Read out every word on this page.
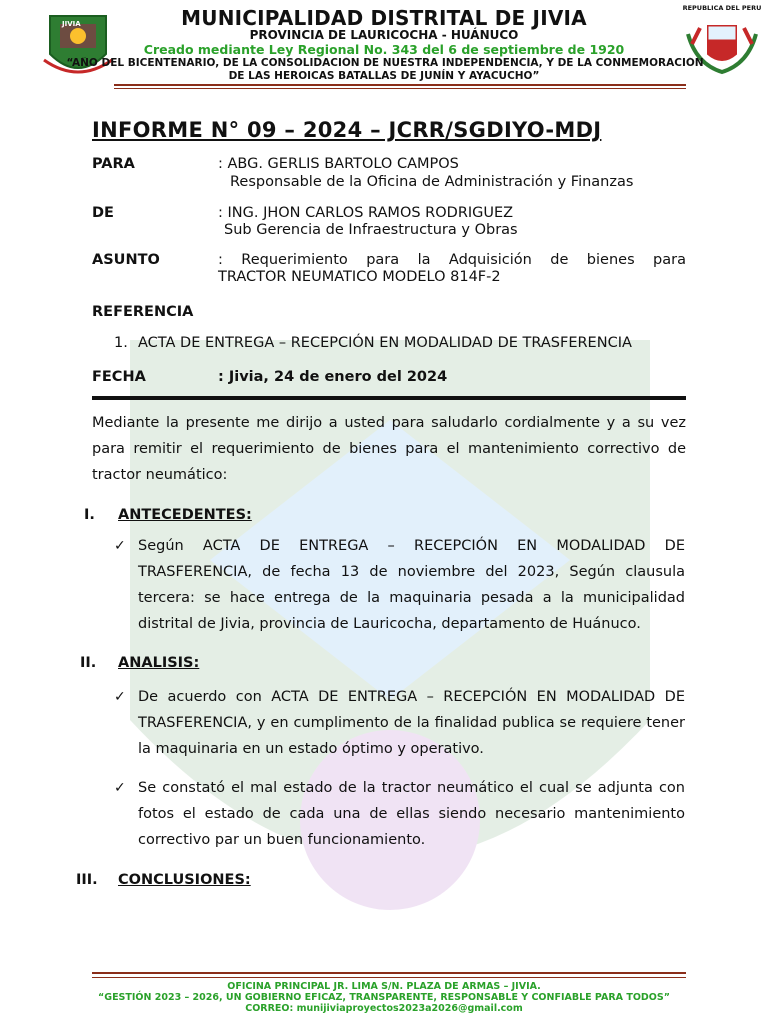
JIVIA
REPUBLICA DEL PERU
MUNICIPALIDAD DISTRITAL DE JIVIA
PROVINCIA DE LAURICOCHA - HUÁNUCO
Creado mediante Ley Regional No. 343 del 6 de septiembre de 1920
“AÑO DEL BICENTENARIO, DE LA CONSOLIDACIÓN DE NUESTRA INDEPENDENCIA, Y DE LA CONMEMORACIÓN
DE LAS HEROICAS BATALLAS DE JUNÍN Y AYACUCHO”
INFORME N° 09 – 2024 – JCRR/SGDIYO-MDJ
PARA	: ABG. GERLIS BARTOLO CAMPOS
Responsable de la Oficina de Administración y Finanzas
DE	: ING. JHON CARLOS RAMOS RODRIGUEZ
Sub Gerencia de Infraestructura y Obras
ASUNTO	: Requerimiento para la Adquisición de bienes para
TRACTOR NEUMATICO MODELO 814F-2
REFERENCIA
1. ACTA DE ENTREGA – RECEPCIÓN EN MODALIDAD DE TRASFERENCIA
FECHA	: Jivia, 24 de enero del 2024
Mediante la presente me dirijo a usted para saludarlo cordialmente y a su vez para remitir el requerimiento de bienes para el mantenimiento correctivo de tractor neumático:
I. ANTECEDENTES:
✓ Según ACTA DE ENTREGA – RECEPCIÓN EN MODALIDAD DE TRASFERENCIA, de fecha 13 de noviembre del 2023, Según clausula tercera: se hace entrega de la maquinaria pesada a la municipalidad distrital de Jivia, provincia de Lauricocha, departamento de Huánuco.
II. ANALISIS:
✓ De acuerdo con ACTA DE ENTREGA – RECEPCIÓN EN MODALIDAD DE TRASFERENCIA, y en cumplimento de la finalidad publica se requiere tener la maquinaria en un estado óptimo y operativo.
✓ Se constató el mal estado de la tractor neumático el cual se adjunta con fotos el estado de cada una de ellas siendo necesario mantenimiento correctivo par un buen funcionamiento.
III. CONCLUSIONES:
OFICINA PRINCIPAL JR. LIMA S/N. PLAZA DE ARMAS – JIVIA.
“GESTIÓN 2023 – 2026, UN GOBIERNO EFICAZ, TRANSPARENTE, RESPONSABLE Y CONFIABLE PARA TODOS”
CORREO: munijiviaproyectos2023a2026@gmail.com
